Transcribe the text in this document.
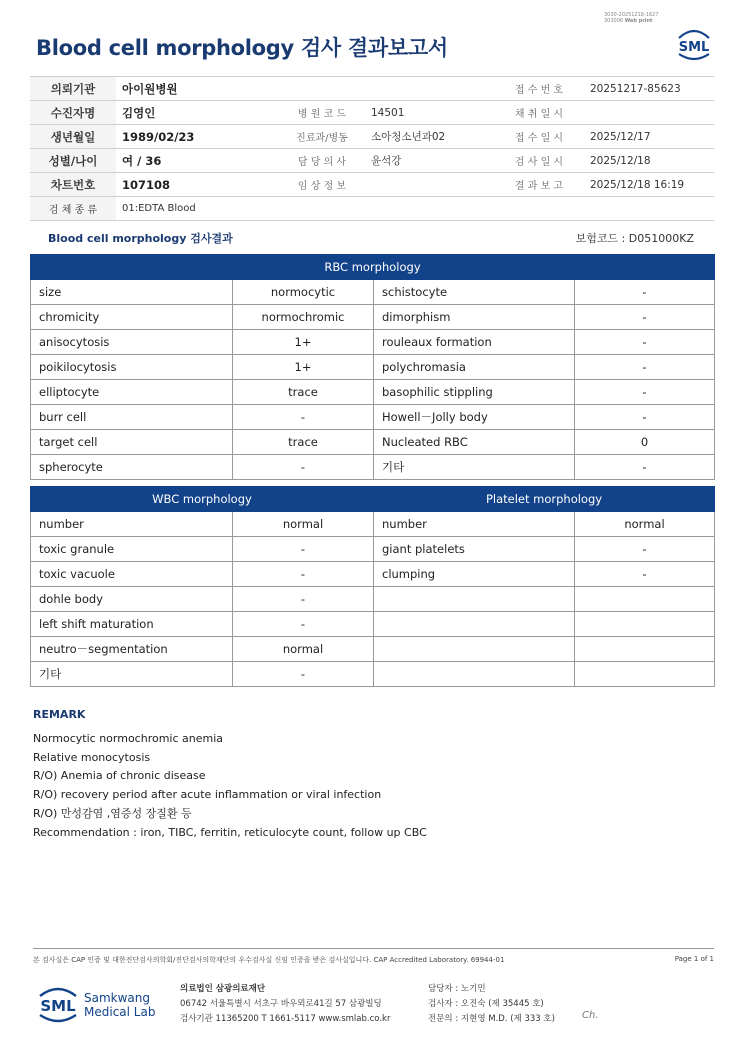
Blood cell morphology 검사 결과보고서
3030-20251218-1627
303006 Web print
SML
의뢰기관	아이원병원			접 수 번 호	20251217-85623
수진자명	김영인	병 원 코 드	14501	채 취 일 시	
생년월일	1989/02/23	진료과/병동	소아청소년과02	접 수 일 시	2025/12/17
성별/나이	여 / 36	담 당 의 사	윤석강	검 사 일 시	2025/12/18
차트번호	107108	임 상 정 보		결 과 보 고	2025/12/18 16:19
검 체 종 류	01:EDTA Blood				
Blood cell morphology 검사결과	보험코드 : D051000KZ
RBC morphology			
size	normocytic	schistocyte	-
chromicity	normochromic	dimorphism	-
anisocytosis	1+	rouleaux formation	-
poikilocytosis	1+	polychromasia	-
elliptocyte	trace	basophilic stippling	-
burr cell	-	Howell－Jolly body	-
target cell	trace	Nucleated RBC	0
spherocyte	-	기타	-
WBC morphology		Platelet morphology	
number	normal	number	normal
toxic granule	-	giant platelets	-
toxic vacuole	-	clumping	-
dohle body	-		
left shift maturation	-		
neutro－segmentation	normal		
기타	-		
REMARK
Normocytic normochromic anemia
Relative monocytosis
R/O) Anemia of chronic disease
R/O) recovery period after acute inflammation or viral infection
R/O) 만성감염 ,염증성 장질환 등
Recommendation : iron, TIBC, ferritin, reticulocyte count, follow up CBC
본 검사실은 CAP 인증 및 대한진단검사의학회/진단검사의학재단의 우수검사실 신임 인증을 받은 검사실입니다. CAP Accredited Laboratory. 69944-01	Page 1 of 1
SML Samkwang
Medical Lab
의료법인 삼광의료재단
06742 서울특별시 서초구 바우뫼로41길 57 삼광빌딩
검사기관 11365200 T 1661-5117 www.smlab.co.kr
담당자 : 노기민
검사자 : 오진숙 (제 35445 호)
전문의 : 지현영 M.D. (제 333 호)	Ch.
